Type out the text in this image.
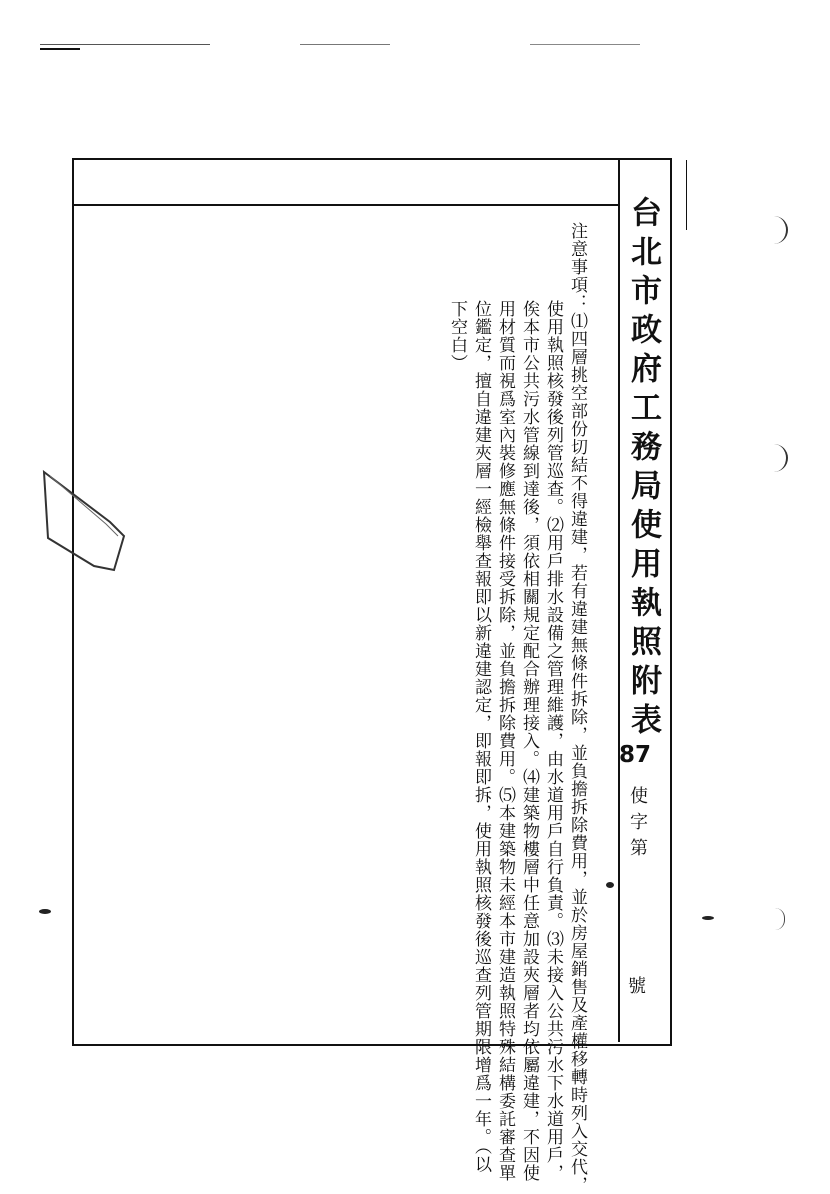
台北市政府工務局使用執照附表
87
使
字
第
號
注意事項：⑴四層挑空部份切結不得違建，若有違建無條件拆除，並負擔拆除費用，並於房屋銷售及產權移轉時列入交代，
使用執照核發後列管巡查。⑵用戶排水設備之管理維護，由水道用戶自行負責。⑶未接入公共污水下水道用戶，
俟本市公共污水管線到達後，須依相關規定配合辦理接入。⑷建築物樓層中任意加設夾層者均依屬違建，不因使
用材質而視爲室內裝修應無條件接受拆除，並負擔拆除費用。⑸本建築物未經本市建造執照特殊結構委託審查單
位鑑定，擅自違建夾層一經檢舉查報即以新違建認定，即報即拆，使用執照核發後巡查列管期限增爲一年。（以
下空白）
